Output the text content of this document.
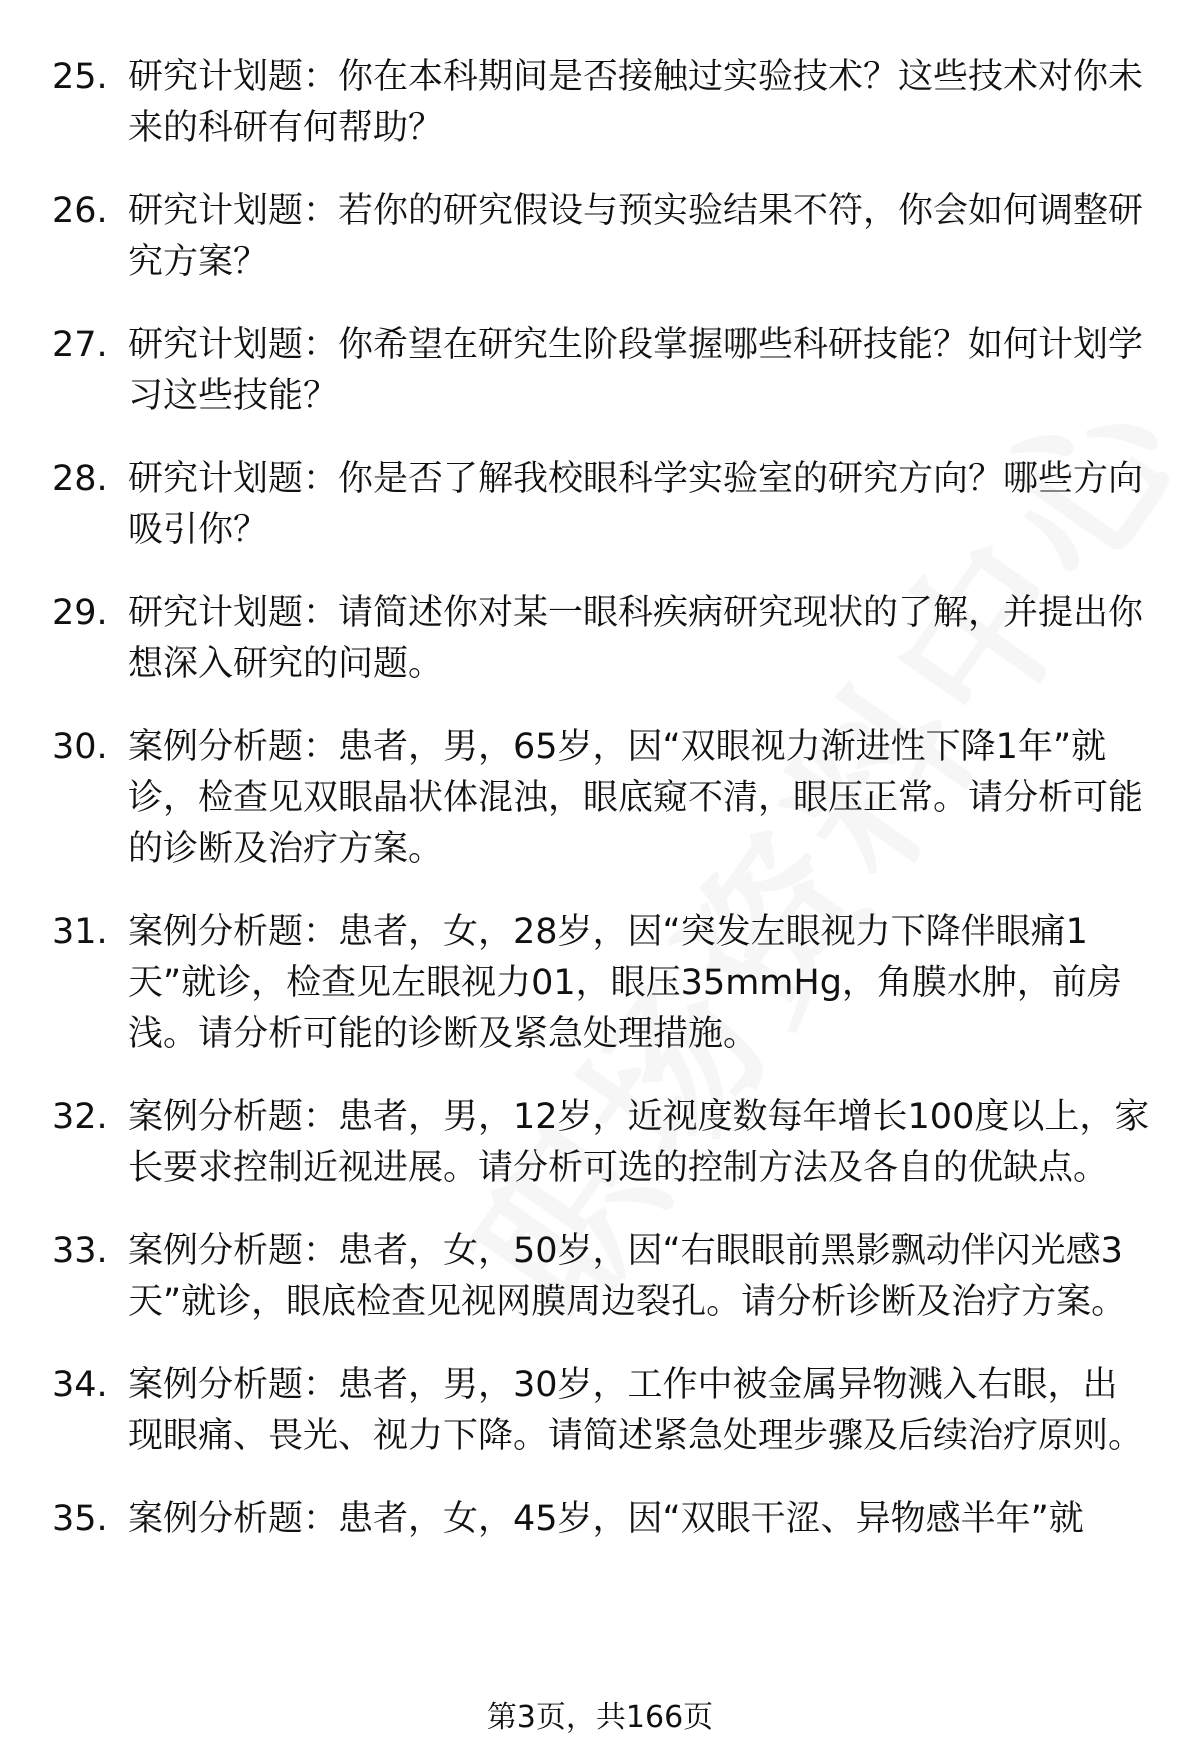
25. 研究计划题：你在本科期间是否接触过实验技术？这些技术对你未来的科研有何帮助？
26. 研究计划题：若你的研究假设与预实验结果不符，你会如何调整研究方案？
27. 研究计划题：你希望在研究生阶段掌握哪些科研技能？如何计划学习这些技能？
28. 研究计划题：你是否了解我校眼科学实验室的研究方向？哪些方向吸引你？
29. 研究计划题：请简述你对某一眼科疾病研究现状的了解，并提出你想深入研究的问题。
30. 案例分析题：患者，男，65岁，因“双眼视力渐进性下降1年”就诊，检查见双眼晶状体混浊，眼底窥不清，眼压正常。请分析可能的诊断及治疗方案。
31. 案例分析题：患者，女，28岁，因“突发左眼视力下降伴眼痛1天”就诊，检查见左眼视力01，眼压35mmHg，角膜水肿，前房浅。请分析可能的诊断及紧急处理措施。
32. 案例分析题：患者，男，12岁，近视度数每年增长100度以上，家长要求控制近视进展。请分析可选的控制方法及各自的优缺点。
33. 案例分析题：患者，女，50岁，因“右眼眼前黑影飘动伴闪光感3天”就诊，眼底检查见视网膜周边裂孔。请分析诊断及治疗方案。
34. 案例分析题：患者，男，30岁，工作中被金属异物溅入右眼，出现眼痛、畏光、视力下降。请简述紧急处理步骤及后续治疗原则。
35. 案例分析题：患者，女，45岁，因“双眼干涩、异物感半年”就
第3页，共166页
